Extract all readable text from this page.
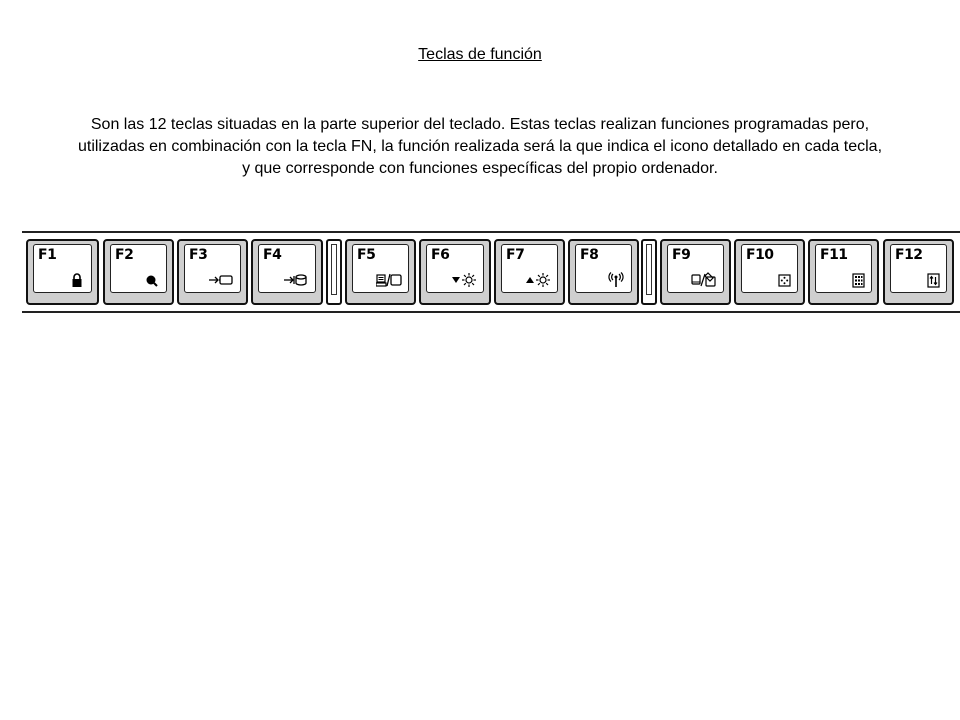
Teclas de función

Son las 12 teclas situadas en la parte superior del teclado. Estas teclas realizan funciones programadas pero,
utilizadas en combinación con la tecla FN, la función realizada será la que indica el icono detallado en cada tecla,
y que corresponde con funciones específicas del propio ordenador.

F1	F2	F3	F4	F5	F6	F7	F8	F9	F10	F11	F12
